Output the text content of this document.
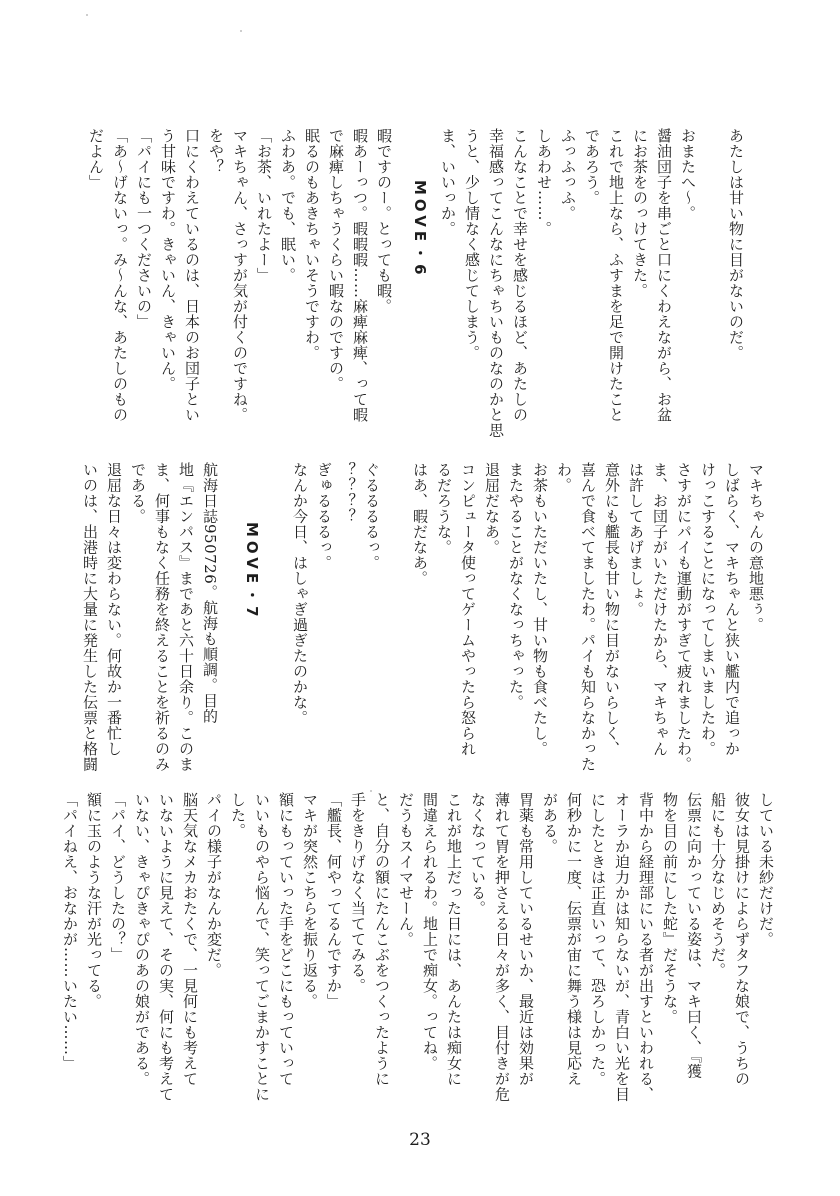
あたしは甘い物に目がないのだ。

おまたへ〜。
醤油団子を串ごと口にくわえながら、お盆
にお茶をのっけてきた。
これで地上なら、ふすまを足で開けたこと
であろう。
ふっふっふ。
しあわせ……。
こんなことで幸せを感じるほど、あたしの
幸福感ってこんなにちゃちいものなのかと思
うと、少し情なく感じてしまう。
ま、いいっか。
MOVE・6
暇ですのー。とっても暇。
暇あーっつ。暇暇暇……麻痺麻痺、って暇
で麻痺しちゃうくらい暇なのですの。
眠るのもあきちゃいそうですわ。
ふわあ。でも、眠い。
「お茶、いれたよー」
マキちゃん、さっすが気が付くのですね。
をや？
口にくわえているのは、日本のお団子とい
う甘味ですわ。きゃいん、きゃいん。
「パイにも一つくださいの」
「あ〜げないっ。み〜んな、あたしのもの
だよん」
マキちゃんの意地悪ぅ。
しばらく、マキちゃんと狭い艦内で追っか
けっこすることになってしまいましたわ。
さすがにパイも運動がすぎて疲れましたわ。
ま、お団子がいただけたから、マキちゃん
は許してあげましょ。
意外にも艦長も甘い物に目がないらしく、
喜んで食べてましたわ。パイも知らなかった
わ。
お茶もいただいたし、甘い物も食べたし。
またやることがなくなっちゃった。
退屈だなあ。
コンピュータ使ってゲームやったら怒られ
るだろうな。
はあ、暇だなあ。

ぐるるるるっ。
？？？？
ぎゅるるるっ。
なんか今日、はしゃぎ過ぎたのかな。
MOVE・7
航海日誌950726。航海も順調。目的
地『エンパス』まであと六十日余り。このま
ま、何事もなく任務を終えることを祈るのみ
である。
退屈な日々は変わらない。何故か一番忙し
いのは、出港時に大量に発生した伝票と格闘
している未紗だけだ。
彼女は見掛けによらずタフな娘で、うちの
船にも十分なじめそうだ。
伝票に向かっている姿は、マキ曰く、『獲
物を目の前にした蛇』だそうな。
背中から経理部にいる者が出すといわれる、
オーラか迫力かは知らないが、青白い光を目
にしたときは正直いって、恐ろしかった。
何秒かに一度、伝票が宙に舞う様は見応え
がある。
胃薬も常用しているせいか、最近は効果が
薄れて胃を押さえる日々が多く、目付きが危
なくなっている。
これが地上だった日には、あんたは痴女に
間違えられるわ。地上で痴女。ってね。
だうもスイマせーん。
と、自分の額にたんこぶをつくったように
手をきりげなく当ててみる。
「艦長、何やってるんですか」
マキが突然こちらを振り返る。
額にもっていった手をどこにもっていって
いいものやら悩んで、笑ってごまかすことに
した。
パイの様子がなんか変だ。
脳天気なメカおたくで、一見何にも考えて
いないように見えて、その実、何にも考えて
いない、きゃぴきゃぴのあの娘がである。
「パイ、どうしたの？」
額に玉のような汗が光ってる。
「パイねえ、おなかが……いたい……」

23
